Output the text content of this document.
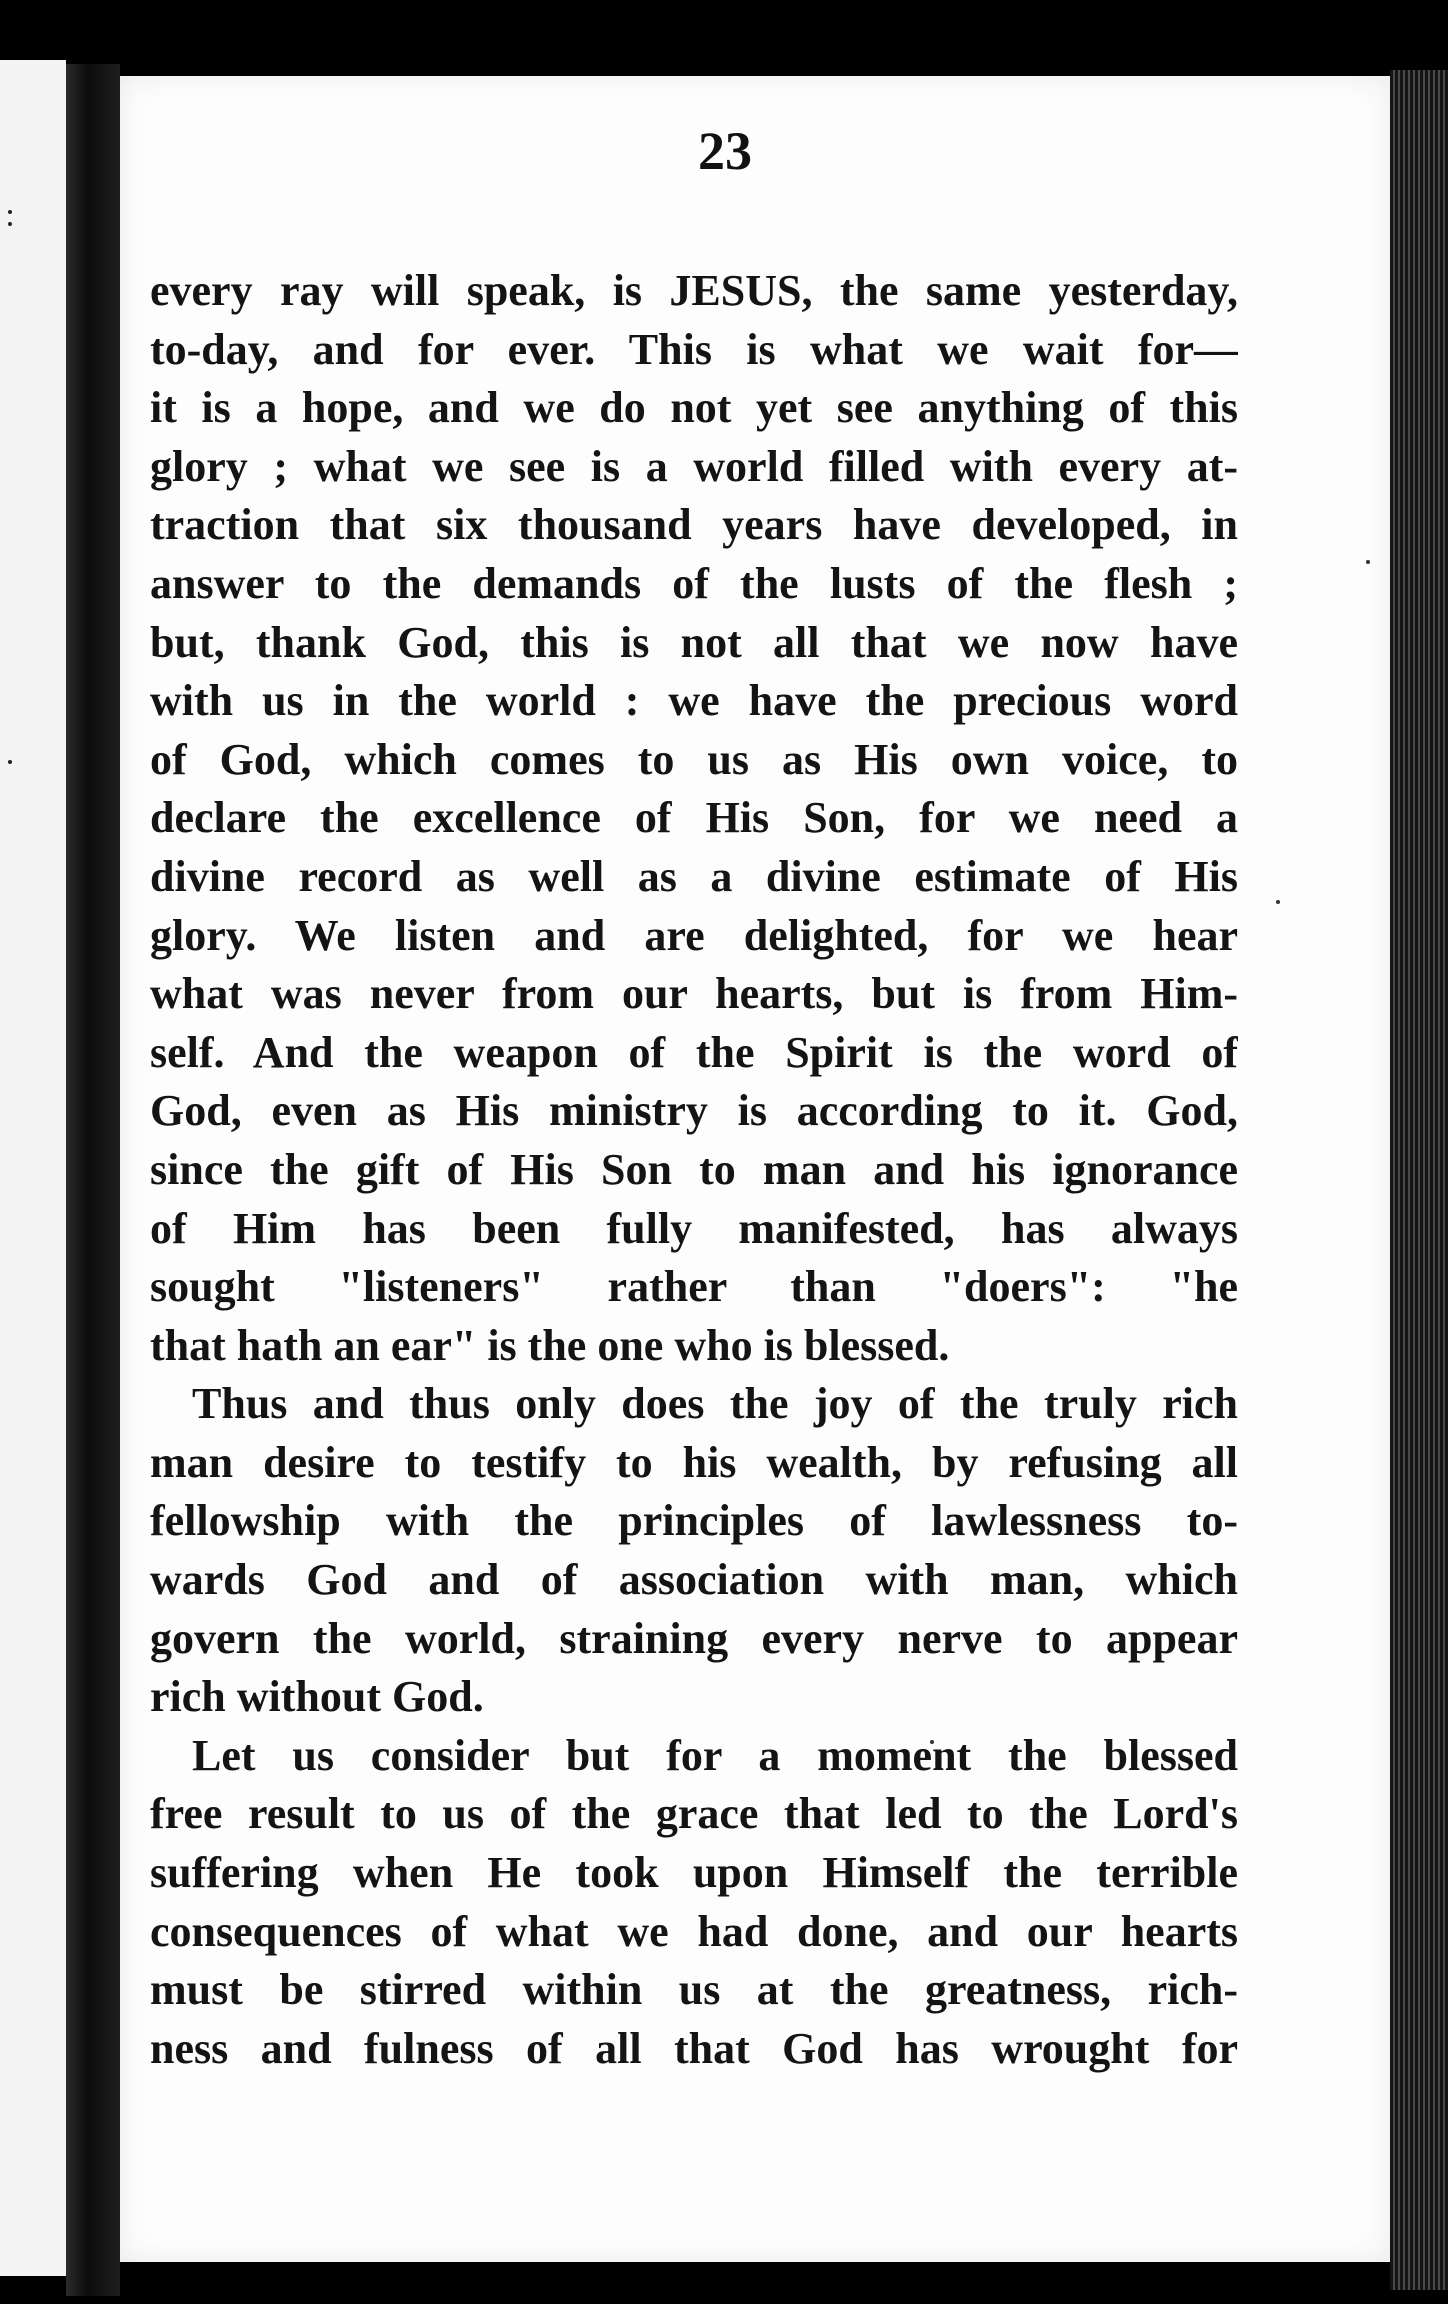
23

every ray will speak, is JESUS, the same yesterday,
to-day, and for ever. This is what we wait for—
it is a hope, and we do not yet see anything of this
glory ; what we see is a world filled with every at-
traction that six thousand years have developed, in
answer to the demands of the lusts of the flesh ;
but, thank God, this is not all that we now have
with us in the world : we have the precious word
of God, which comes to us as His own voice, to
declare the excellence of His Son, for we need a
divine record as well as a divine estimate of His
glory. We listen and are delighted, for we hear
what was never from our hearts, but is from Him-
self. And the weapon of the Spirit is the word of
God, even as His ministry is according to it. God,
since the gift of His Son to man and his ignorance
of Him has been fully manifested, has always
sought "listeners" rather than "doers": "he
that hath an ear" is the one who is blessed.

Thus and thus only does the joy of the truly rich
man desire to testify to his wealth, by refusing all
fellowship with the principles of lawlessness to-
wards God and of association with man, which
govern the world, straining every nerve to appear
rich without God.

Let us consider but for a moment the blessed
free result to us of the grace that led to the Lord's
suffering when He took upon Himself the terrible
consequences of what we had done, and our hearts
must be stirred within us at the greatness, rich-
ness and fulness of all that God has wrought for
